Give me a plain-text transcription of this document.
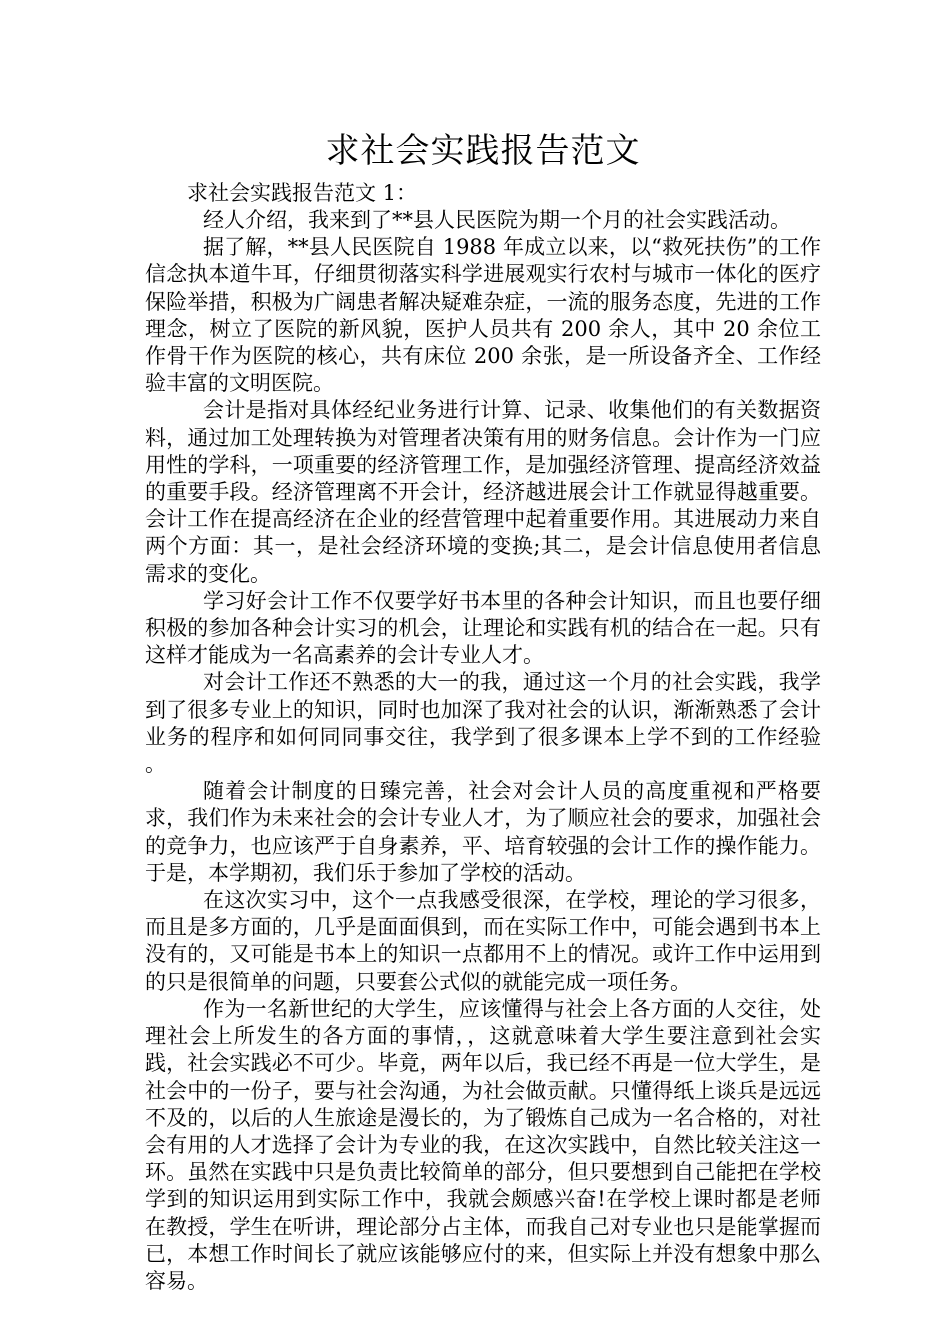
求社会实践报告范文

求社会实践报告范文 1：

经人介绍，我来到了**县人民医院为期一个月的社会实践活动。

据了解，**县人民医院自 1988 年成立以来，以“救死扶伤”的工作信念执本道牛耳，仔细贯彻落实科学进展观实行农村与城市一体化的医疗保险举措，积极为广阔患者解决疑难杂症，一流的服务态度，先进的工作理念，树立了医院的新风貌，医护人员共有 200 余人，其中 20 余位工作骨干作为医院的核心，共有床位 200 余张，是一所设备齐全、工作经验丰富的文明医院。

会计是指对具体经纪业务进行计算、记录、收集他们的有关数据资料，通过加工处理转换为对管理者决策有用的财务信息。会计作为一门应用性的学科，一项重要的经济管理工作，是加强经济管理、提高经济效益的重要手段。经济管理离不开会计，经济越进展会计工作就显得越重要。会计工作在提高经济在企业的经营管理中起着重要作用。其进展动力来自两个方面：其一，是社会经济环境的变换;其二，是会计信息使用者信息需求的变化。

学习好会计工作不仅要学好书本里的各种会计知识，而且也要仔细积极的参加各种会计实习的机会，让理论和实践有机的结合在一起。只有这样才能成为一名高素养的会计专业人才。

对会计工作还不熟悉的大一的我，通过这一个月的社会实践，我学到了很多专业上的知识，同时也加深了我对社会的认识，渐渐熟悉了会计业务的程序和如何同同事交往，我学到了很多课本上学不到的工作经验 。

随着会计制度的日臻完善，社会对会计人员的高度重视和严格要求，我们作为未来社会的会计专业人才，为了顺应社会的要求，加强社会的竞争力，也应该严于自身素养，平、培育较强的会计工作的操作能力。于是，本学期初，我们乐于参加了学校的活动。

在这次实习中，这个一点我感受很深，在学校，理论的学习很多，而且是多方面的，几乎是面面俱到，而在实际工作中，可能会遇到书本上没有的，又可能是书本上的知识一点都用不上的情况。或许工作中运用到的只是很简单的问题，只要套公式似的就能完成一项任务。

作为一名新世纪的大学生，应该懂得与社会上各方面的人交往，处理社会上所发生的各方面的事情，，这就意味着大学生要注意到社会实践，社会实践必不可少。毕竟，两年以后，我已经不再是一位大学生，是社会中的一份子，要与社会沟通，为社会做贡献。只懂得纸上谈兵是远远不及的，以后的人生旅途是漫长的，为了锻炼自己成为一名合格的，对社会有用的人才选择了会计为专业的我，在这次实践中，自然比较关注这一环。虽然在实践中只是负责比较简单的部分，但只要想到自己能把在学校学到的知识运用到实际工作中，我就会颇感兴奋!在学校上课时都是老师在教授，学生在听讲，理论部分占主体，而我自己对专业也只是能掌握而已，本想工作时间长了就应该能够应付的来，但实际上并没有想象中那么容易。
